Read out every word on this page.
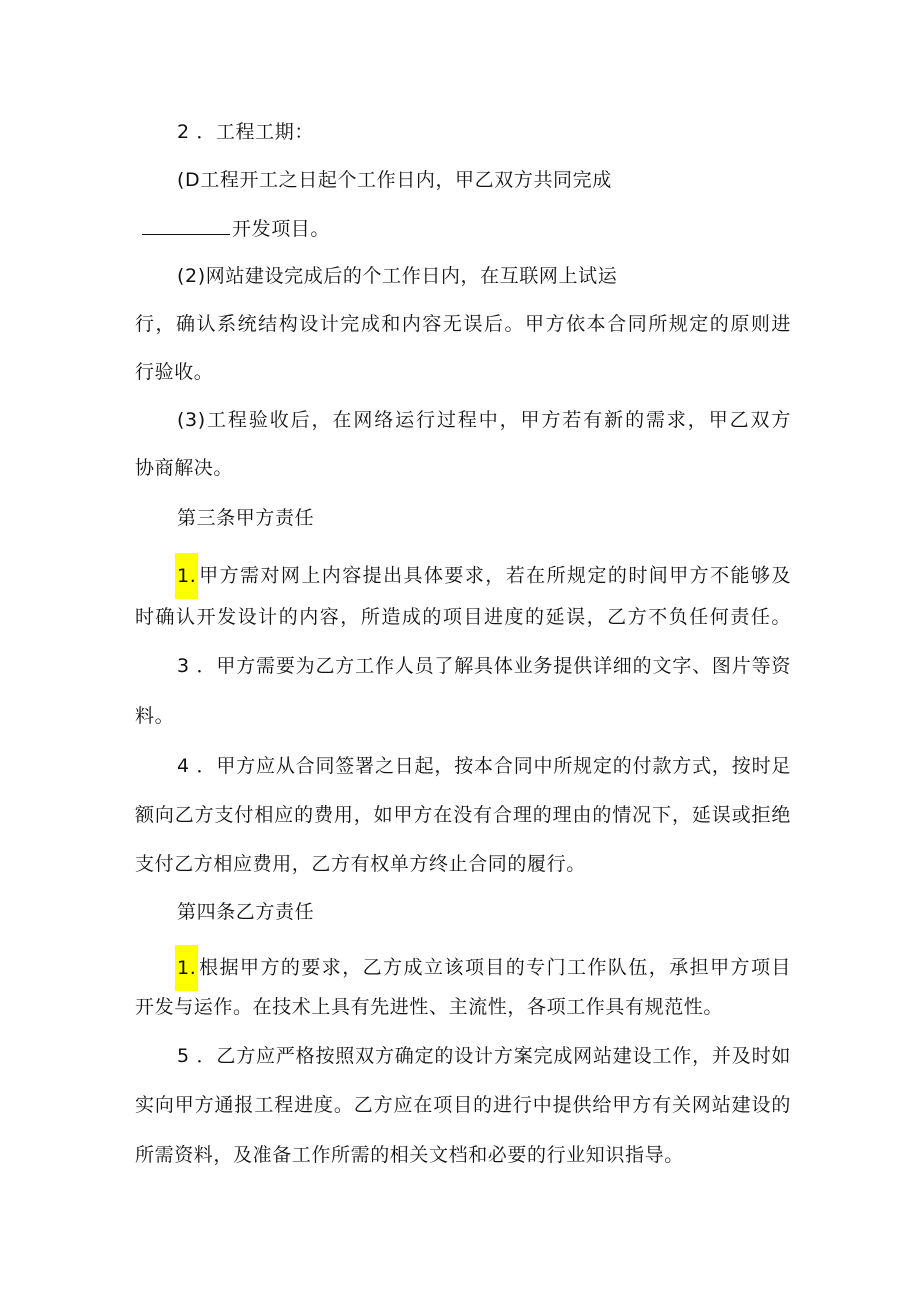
2 ．工程工期：
(D工程开工之日起个工作日内，甲乙双方共同完成
开发项目。
(2)网站建设完成后的个工作日内，在互联网上试运
行，确认系统结构设计完成和内容无误后。甲方依本合同所规定的原则进
行验收。
(3)工程验收后，在网络运行过程中，甲方若有新的需求，甲乙双方
协商解决。
第三条甲方责任
1. 甲方需对网上内容提出具体要求，若在所规定的时间甲方不能够及
时确认开发设计的内容，所造成的项目进度的延误，乙方不负任何责任。
3 ．甲方需要为乙方工作人员了解具体业务提供详细的文字、图片等资
料。
4 ．甲方应从合同签署之日起，按本合同中所规定的付款方式，按时足
额向乙方支付相应的费用，如甲方在没有合理的理由的情况下，延误或拒绝
支付乙方相应费用，乙方有权单方终止合同的履行。
第四条乙方责任
1. 根据甲方的要求，乙方成立该项目的专门工作队伍，承担甲方项目
开发与运作。在技术上具有先进性、主流性，各项工作具有规范性。
5 ．乙方应严格按照双方确定的设计方案完成网站建设工作，并及时如
实向甲方通报工程进度。乙方应在项目的进行中提供给甲方有关网站建设的
所需资料，及准备工作所需的相关文档和必要的行业知识指导。
